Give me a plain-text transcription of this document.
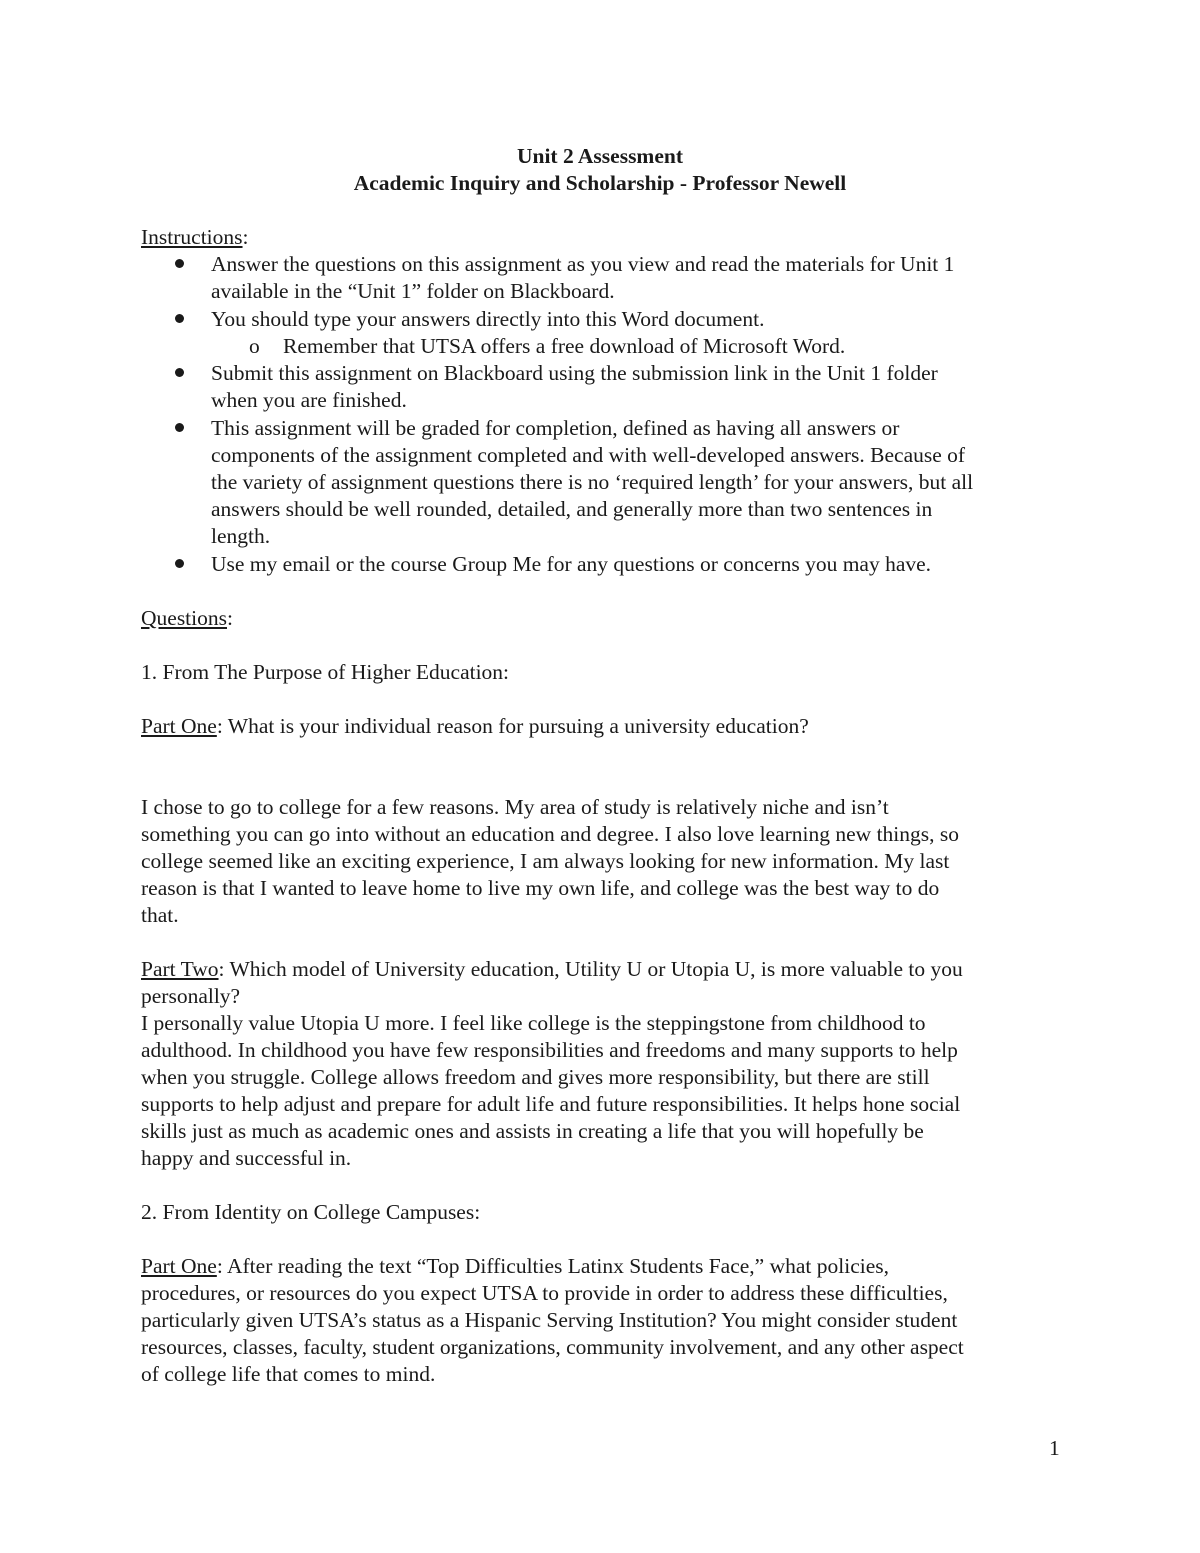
Unit 2 Assessment
Academic Inquiry and Scholarship - Professor Newell
Instructions:
Answer the questions on this assignment as you view and read the materials for Unit 1
available in the “Unit 1” folder on Blackboard.
You should type your answers directly into this Word document.
o Remember that UTSA offers a free download of Microsoft Word.
Submit this assignment on Blackboard using the submission link in the Unit 1 folder
when you are finished.
This assignment will be graded for completion, defined as having all answers or
components of the assignment completed and with well-developed answers. Because of
the variety of assignment questions there is no ‘required length’ for your answers, but all
answers should be well rounded, detailed, and generally more than two sentences in
length.
Use my email or the course Group Me for any questions or concerns you may have.
Questions:
1. From The Purpose of Higher Education:
Part One: What is your individual reason for pursuing a university education?
I chose to go to college for a few reasons. My area of study is relatively niche and isn’t
something you can go into without an education and degree. I also love learning new things, so
college seemed like an exciting experience, I am always looking for new information. My last
reason is that I wanted to leave home to live my own life, and college was the best way to do
that.
Part Two: Which model of University education, Utility U or Utopia U, is more valuable to you
personally?
I personally value Utopia U more. I feel like college is the steppingstone from childhood to
adulthood. In childhood you have few responsibilities and freedoms and many supports to help
when you struggle. College allows freedom and gives more responsibility, but there are still
supports to help adjust and prepare for adult life and future responsibilities. It helps hone social
skills just as much as academic ones and assists in creating a life that you will hopefully be
happy and successful in.
2. From Identity on College Campuses:
Part One: After reading the text “Top Difficulties Latinx Students Face,” what policies,
procedures, or resources do you expect UTSA to provide in order to address these difficulties,
particularly given UTSA’s status as a Hispanic Serving Institution? You might consider student
resources, classes, faculty, student organizations, community involvement, and any other aspect
of college life that comes to mind.
1
